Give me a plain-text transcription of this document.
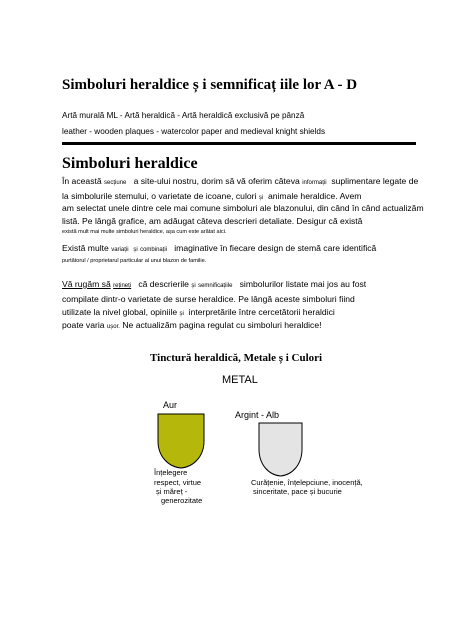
Simboluri heraldice ș i semnificaț iile lor A - D
Artă murală ML - Artă heraldică - Artă heraldică exclusivă pe pânză
leather - wooden plaques - watercolor paper and medieval knight shields
Simboluri heraldice
În această secțiune a site-ului nostru, dorim să vă oferim câteva informații suplimentare legate de
la simbolurile stemului, o varietate de icoane, culori și animale heraldice. Avem
am selectat unele dintre cele mai comune simboluri ale blazonului, din când în când actualizăm
listă. Pe lângă grafice, am adăugat câteva descrieri detaliate. Desigur că există
există mult mai multe simboluri heraldice, așa cum este arătat aici.
Există multe variații și combinații imaginative în fiecare design de stemă care identifică
purtătorul / proprietarul particular al unui blazon de familie.
Vă rugăm să rețineți că descrierile și semnificațiile simbolurilor listate mai jos au fost
compilate dintr-o varietate de surse heraldice. Pe lângă aceste simboluri fiind
utilizate la nivel global, opiniile și interpretările între cercetătorii heraldici
poate varia ușor. Ne actualizăm pagina regulat cu simboluri heraldice!
Tinctură heraldică, Metale ș i Culori
METAL
Aur
Înțelegere
respect, virtue
și măreț -
generozitate
Argint - Alb
Curățenie, înțelepciune, inocență,
sinceritate, pace și bucurie
